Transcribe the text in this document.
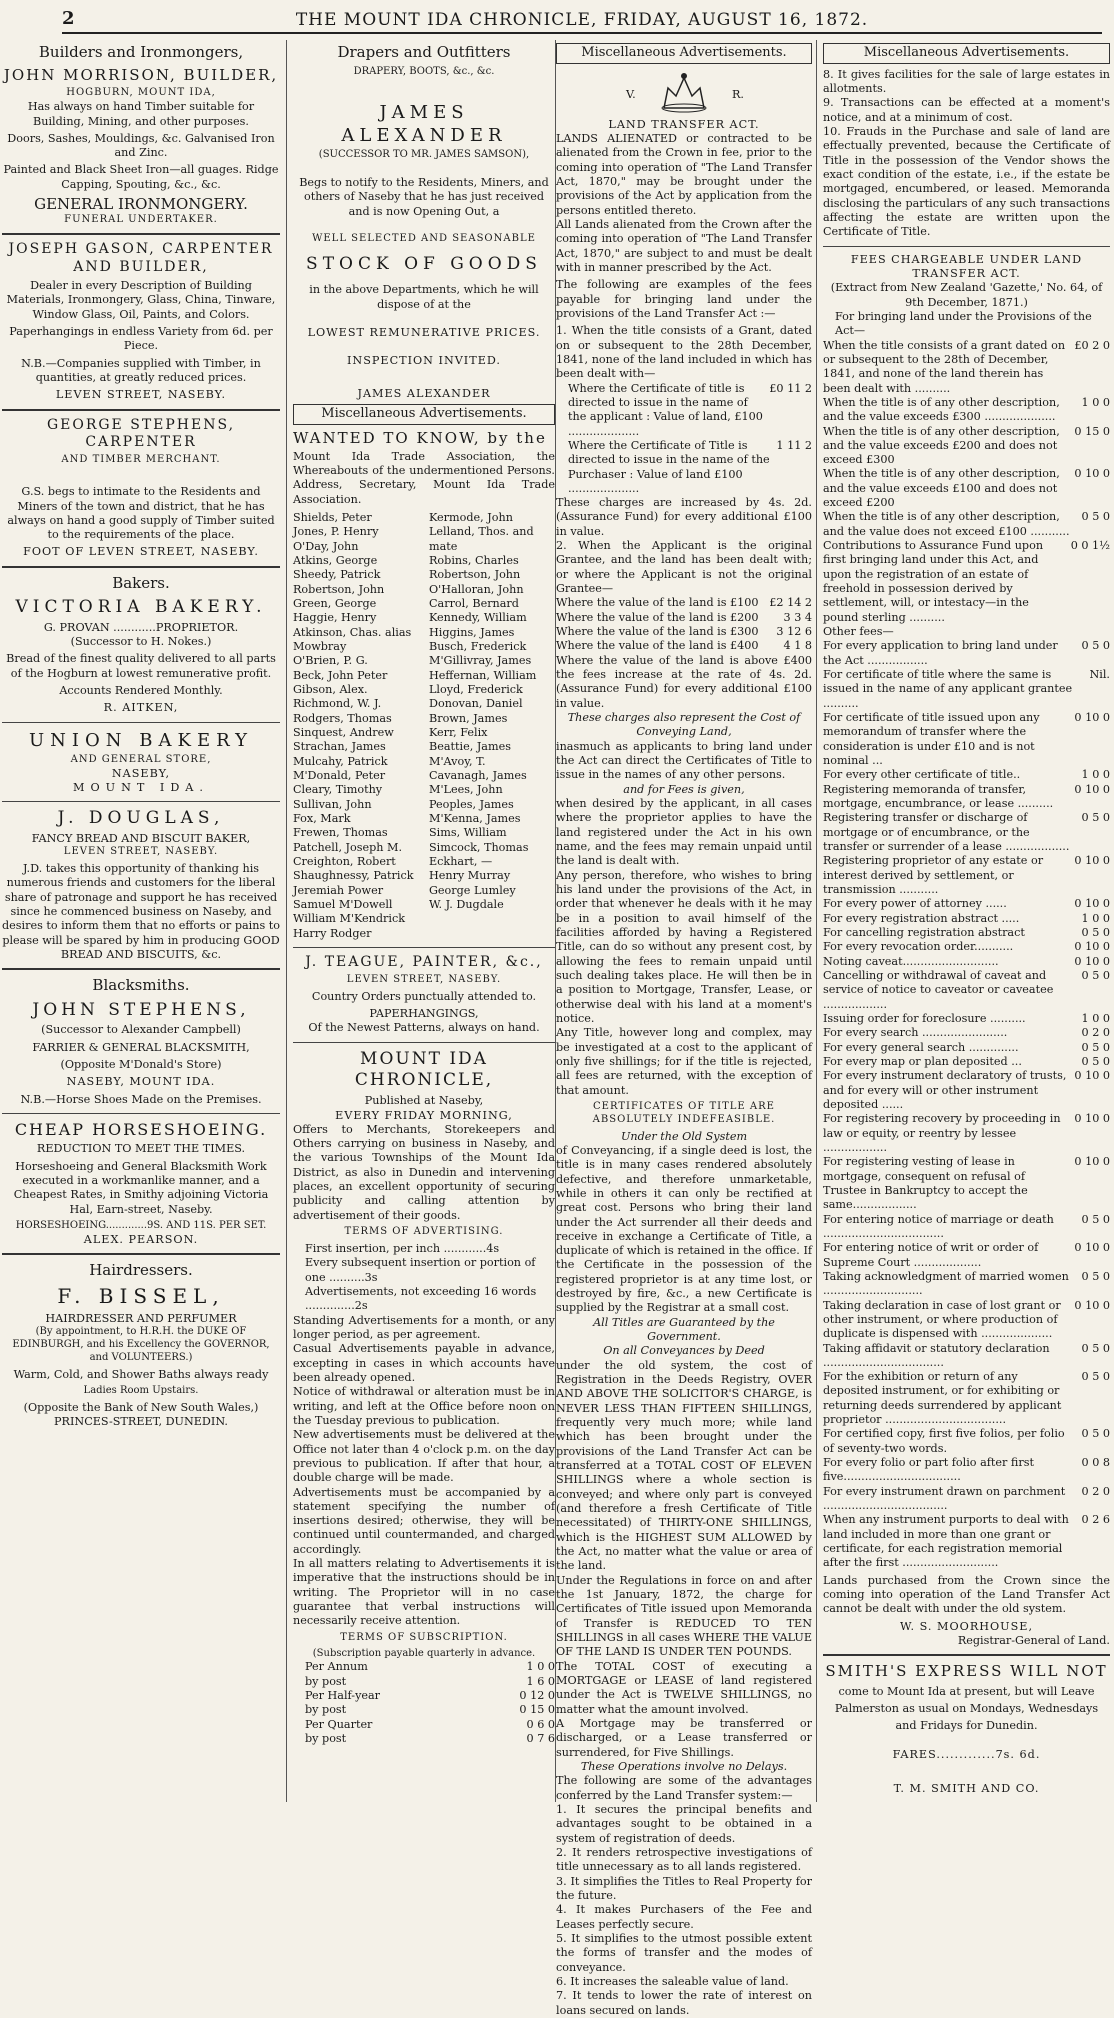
2	THE MOUNT IDA CHRONICLE, FRIDAY, AUGUST 16, 1872.
Builders and Ironmongers,
JOHN MORRISON, BUILDER,
HOGBURN, MOUNT IDA,
Has always on hand Timber suitable for Building, Mining, and other purposes.
Doors, Sashes, Mouldings, &c. Galvanised Iron and Zinc.
Painted and Black Sheet Iron—all guages. Ridge Capping, Spouting, &c., &c.
GENERAL IRONMONGERY.
FUNERAL UNDERTAKER.
JOSEPH GASON, CARPENTER AND BUILDER,
Dealer in every Description of Building Materials, Ironmongery, Glass, China, Tinware, Window Glass, Oil, Paints, and Colors.
Paperhangings in endless Variety from 6d. per Piece.
N.B.—Companies supplied with Timber, in quantities, at greatly reduced prices.
LEVEN STREET, NASEBY.
GEORGE STEPHENS, CARPENTER
AND TIMBER MERCHANT.
G.S. begs to intimate to the Residents and Miners of the town and district, that he has always on hand a good supply of Timber suited to the requirements of the place.
FOOT OF LEVEN STREET, NASEBY.
Bakers.
VICTORIA BAKERY.
G. PROVAN ............PROPRIETOR.
(Successor to H. Nokes.)
Bread of the finest quality delivered to all parts of the Hogburn at lowest remunerative profit.
Accounts Rendered Monthly.
R. AITKEN,
UNION BAKERY
AND GENERAL STORE,
NASEBY,
MOUNT IDA.
J. DOUGLAS,
FANCY BREAD AND BISCUIT BAKER,
LEVEN STREET, NASEBY.
J.D. takes this opportunity of thanking his numerous friends and customers for the liberal share of patronage and support he has received since he commenced business on Naseby, and desires to inform them that no efforts or pains to please will be spared by him in producing GOOD BREAD AND BISCUITS, &c.
Blacksmiths.
JOHN STEPHENS,
(Successor to Alexander Campbell)
FARRIER & GENERAL BLACKSMITH,
(Opposite M'Donald's Store)
NASEBY, MOUNT IDA.
N.B.—Horse Shoes Made on the Premises.
CHEAP HORSESHOEING.
REDUCTION TO MEET THE TIMES.
Horseshoeing and General Blacksmith Work executed in a workmanlike manner, and a Cheapest Rates, in Smithy adjoining Victoria Hal, Earn-street, Naseby.
HORSESHOEING.............9S. AND 11S. PER SET.
ALEX. PEARSON.
Hairdressers.
F. BISSEL,
HAIRDRESSER AND PERFUMER
(By appointment, to H.R.H. the DUKE OF EDINBURGH, and his Excellency the GOVERNOR, and VOLUNTEERS.)
Warm, Cold, and Shower Baths always ready
Ladies Room Upstairs.
(Opposite the Bank of New South Wales,) PRINCES-STREET, DUNEDIN.
Drapers and Outfitters
DRAPERY, BOOTS, &c., &c.
JAMES ALEXANDER
(SUCCESSOR TO MR. JAMES SAMSON),
Begs to notify to the Residents, Miners, and others of Naseby that he has just received and is now Opening Out, a
WELL SELECTED AND SEASONABLE
STOCK OF GOODS
in the above Departments, which he will dispose of at the
LOWEST REMUNERATIVE PRICES.
INSPECTION INVITED.
JAMES ALEXANDER
Miscellaneous Advertisements.
WANTED TO KNOW, by the
Mount Ida Trade Association, the Whereabouts of the undermentioned Persons. Address, Secretary, Mount Ida Trade Association.
Shields, Peter
Jones, P. Henry
O'Day, John
Atkins, George
Sheedy, Patrick
Robertson, John
Green, George
Haggie, Henry
Atkinson, Chas. alias Mowbray
O'Brien, P. G.
Beck, John Peter
Gibson, Alex.
Richmond, W. J.
Rodgers, Thomas
Sinquest, Andrew
Strachan, James
Mulcahy, Patrick
M'Donald, Peter
Cleary, Timothy
Sullivan, John
Fox, Mark
Frewen, Thomas
Patchell, Joseph M.
Creighton, Robert
Shaughnessy, Patrick
Jeremiah Power
Samuel M'Dowell
William M'Kendrick
Harry Rodger
Kermode, John
Lelland, Thos. and mate
Robins, Charles
Robertson, John
O'Halloran, John
Carrol, Bernard
Kennedy, William
Higgins, James
Busch, Frederick
M'Gillivray, James
Heffernan, William
Lloyd, Frederick
Donovan, Daniel
Brown, James
Kerr, Felix
Beattie, James
M'Avoy, T.
Cavanagh, James
M'Lees, John
Peoples, James
M'Kenna, James
Sims, William
Simcock, Thomas
Eckhart, —
Henry Murray
George Lumley
W. J. Dugdale
J. TEAGUE, PAINTER, &c.,
LEVEN STREET, NASEBY.
Country Orders punctually attended to.
PAPERHANGINGS,
Of the Newest Patterns, always on hand.
MOUNT IDA CHRONICLE,
Published at Naseby,
EVERY FRIDAY MORNING,
Offers to Merchants, Storekeepers and Others carrying on business in Naseby, and the various Townships of the Mount Ida District, as also in Dunedin and intervening places, an excellent opportunity of securing publicity and calling attention by advertisement of their goods.
TERMS OF ADVERTISING.
First insertion, per inch ............4s
Every subsequent insertion or portion of one ..........3s
Advertisements, not exceeding 16 words ..............2s
Standing Advertisements for a month, or any longer period, as per agreement.
Casual Advertisements payable in advance, excepting in cases in which accounts have been already opened.
Notice of withdrawal or alteration must be in writing, and left at the Office before noon on the Tuesday previous to publication.
New advertisements must be delivered at the Office not later than 4 o'clock p.m. on the day previous to publication. If after that hour, a double charge will be made.
Advertisements must be accompanied by a statement specifying the number of insertions desired; otherwise, they will be continued until countermanded, and charged accordingly.
In all matters relating to Advertisements it is imperative that the instructions should be in writing. The Proprietor will in no case guarantee that verbal instructions will necessarily receive attention.
TERMS OF SUBSCRIPTION.
(Subscription payable quarterly in advance.
Per Annum	1 0 0
by post	1 6 0
Per Half-year	0 12 0
by post	0 15 0
Per Quarter	0 6 0
by post	0 7 6
Miscellaneous Advertisements.
V.	R.
LAND TRANSFER ACT.
LANDS ALIENATED or contracted to be alienated from the Crown in fee, prior to the coming into operation of "The Land Transfer Act, 1870," may be brought under the provisions of the Act by application from the persons entitled thereto.
All Lands alienated from the Crown after the coming into operation of "The Land Transfer Act, 1870," are subject to and must be dealt with in manner prescribed by the Act.
The following are examples of the fees payable for bringing land under the provisions of the Land Transfer Act :—
1. When the title consists of a Grant, dated on or subsequent to the 28th December, 1841, none of the land included in which has been dealt with—
Where the Certificate of title is directed to issue in the name of the applicant : Value of land, £100 ....................
£0 11 2
Where the Certificate of Title is directed to issue in the name of the Purchaser : Value of land £100 ....................
1 11 2
These charges are increased by 4s. 2d. (Assurance Fund) for every additional £100 in value.
2. When the Applicant is the original Grantee, and the land has been dealt with; or where the Applicant is not the original Grantee—
Where the value of the land is £100 £2 14 2
Where the value of the land is £200 3 3 4
Where the value of the land is £300 3 12 6
Where the value of the land is £400 4 1 8
Where the value of the land is above £400 the fees increase at the rate of 4s. 2d. (Assurance Fund) for every additional £100 in value.
These charges also represent the Cost of Conveying Land,
inasmuch as applicants to bring land under the Act can direct the Certificates of Title to issue in the names of any other persons.
and for Fees is given,
when desired by the applicant, in all cases where the proprietor applies to have the land registered under the Act in his own name, and the fees may remain unpaid until the land is dealt with.
Any person, therefore, who wishes to bring his land under the provisions of the Act, in order that whenever he deals with it he may be in a position to avail himself of the facilities afforded by having a Registered Title, can do so without any present cost, by allowing the fees to remain unpaid until such dealing takes place. He will then be in a position to Mortgage, Transfer, Lease, or otherwise deal with his land at a moment's notice.
Any Title, however long and complex, may be investigated at a cost to the applicant of only five shillings; for if the title is rejected, all fees are returned, with the exception of that amount.
CERTIFICATES OF TITLE ARE ABSOLUTELY INDEFEASIBLE.
Under the Old System
of Conveyancing, if a single deed is lost, the title is in many cases rendered absolutely defective, and therefore unmarketable, while in others it can only be rectified at great cost. Persons who bring their land under the Act surrender all their deeds and receive in exchange a Certificate of Title, a duplicate of which is retained in the office. If the Certificate in the possession of the registered proprietor is at any time lost, or destroyed by fire, &c., a new Certificate is supplied by the Registrar at a small cost.
All Titles are Guaranteed by the Government.
On all Conveyances by Deed
under the old system, the cost of Registration in the Deeds Registry, OVER AND ABOVE THE SOLICITOR'S CHARGE, is NEVER LESS THAN FIFTEEN SHILLINGS, frequently very much more; while land which has been brought under the provisions of the Land Transfer Act can be transferred at a TOTAL COST OF ELEVEN SHILLINGS where a whole section is conveyed; and where only part is conveyed (and therefore a fresh Certificate of Title necessitated) of THIRTY-ONE SHILLINGS, which is the HIGHEST SUM ALLOWED by the Act, no matter what the value or area of the land.
Under the Regulations in force on and after the 1st January, 1872, the charge for Certificates of Title issued upon Memoranda of Transfer is REDUCED TO TEN SHILLINGS in all cases WHERE THE VALUE OF THE LAND IS UNDER TEN POUNDS.
The TOTAL COST of executing a MORTGAGE or LEASE of land registered under the Act is TWELVE SHILLINGS, no matter what the amount involved.
A Mortgage may be transferred or discharged, or a Lease transferred or surrendered, for Five Shillings.
These Operations involve no Delays.
The following are some of the advantages conferred by the Land Transfer system:—
1. It secures the principal benefits and advantages sought to be obtained in a system of registration of deeds.
2. It renders retrospective investigations of title unnecessary as to all lands registered.
3. It simplifies the Titles to Real Property for the future.
4. It makes Purchasers of the Fee and Leases perfectly secure.
5. It simplifies to the utmost possible extent the forms of transfer and the modes of conveyance.
6. It increases the saleable value of land.
7. It tends to lower the rate of interest on loans secured on lands.
Miscellaneous Advertisements.
8. It gives facilities for the sale of large estates in allotments.
9. Transactions can be effected at a moment's notice, and at a minimum of cost.
10. Frauds in the Purchase and sale of land are effectually prevented, because the Certificate of Title in the possession of the Vendor shows the exact condition of the estate, i.e., if the estate be mortgaged, encumbered, or leased. Memoranda disclosing the particulars of any such transactions affecting the estate are written upon the Certificate of Title.
FEES CHARGEABLE UNDER LAND TRANSFER ACT.
(Extract from New Zealand 'Gazette,' No. 64, of 9th December, 1871.)
For bringing land under the Provisions of the Act—
When the title consists of a grant dated on or subsequent to the 28th of December, 1841, and none of the land therein has been dealt with ..........
£0 2 0
When the title is of any other description, and the value exceeds £300 ....................
1 0 0
When the title is of any other description, and the value exceeds £200 and does not exceed £300
0 15 0
When the title is of any other description, and the value exceeds £100 and does not exceed £200
0 10 0
When the title is of any other description, and the value does not exceed £100 ...........
0 5 0
Contributions to Assurance Fund upon first bringing land under this Act, and upon the registration of an estate of freehold in possession derived by settlement, will, or intestacy—in the pound sterling ..........
0 0 1½
Other fees—
For every application to bring land under the Act .................
0 5 0
For certificate of title where the same is issued in the name of any applicant grantee ..........
Nil.
For certificate of title issued upon any memorandum of transfer where the consideration is under £10 and is not nominal ...
0 10 0
For every other certificate of title..	1 0 0
Registering memoranda of transfer, mortgage, encumbrance, or lease ..........
0 10 0
Registering transfer or discharge of mortgage or of encumbrance, or the transfer or surrender of a lease ..................
0 5 0
Registering proprietor of any estate or interest derived by settlement, or transmission ...........
0 10 0
For every power of attorney ......	0 10 0
For every registration abstract .....	1 0 0
For cancelling registration abstract	0 5 0
For every revocation order...........	0 10 0
Noting caveat...........................	0 10 0
Cancelling or withdrawal of caveat and service of notice to caveator or caveatee ..................
0 5 0
Issuing order for foreclosure ..........	1 0 0
For every search ........................	0 2 0
For every general search ..............	0 5 0
For every map or plan deposited ...	0 5 0
For every instrument declaratory of trusts, and for every will or other instrument deposited ......
0 10 0
For registering recovery by proceeding in law or equity, or reentry by lessee ..................
0 10 0
For registering vesting of lease in mortgage, consequent on refusal of Trustee in Bankruptcy to accept the same..................
0 10 0
For entering notice of marriage or death ..................................
0 5 0
For entering notice of writ or order of Supreme Court ...................
0 10 0
Taking acknowledgment of married women ............................
0 5 0
Taking declaration in case of lost grant or other instrument, or where production of duplicate is dispensed with ....................
0 10 0
Taking affidavit or statutory declaration ..................................
0 5 0
For the exhibition or return of any deposited instrument, or for exhibiting or returning deeds surrendered by applicant proprietor ..................................
0 5 0
For certified copy, first five folios, per folio of seventy-two words.
0 5 0
For every folio or part folio after first five.................................
0 0 8
For every instrument drawn on parchment ...................................
0 2 0
When any instrument purports to deal with land included in more than one grant or certificate, for each registration memorial after the first ...........................
0 2 6
Lands purchased from the Crown since the coming into operation of the Land Transfer Act cannot be dealt with under the old system.
W. S. MOORHOUSE,
Registrar-General of Land.
SMITH'S EXPRESS WILL NOT
come to Mount Ida at present, but will Leave
Palmerston as usual on Mondays, Wednesdays
and Fridays for Dunedin.
FARES.............7s. 6d.
T. M. SMITH AND CO.
